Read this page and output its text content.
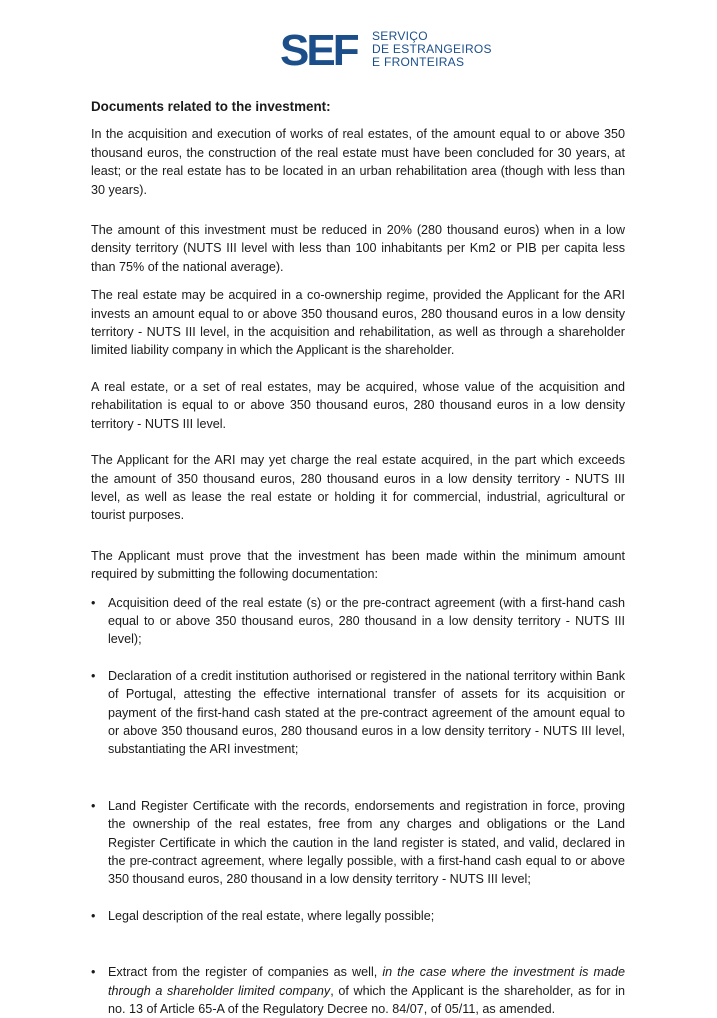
SEF SERVIÇO
DE ESTRANGEIROS
E FRONTEIRAS

Documents related to the investment:

In the acquisition and execution of works of real estates, of the amount equal to or above 350 thousand euros, the construction of the real estate must have been concluded for 30 years, at least; or the real estate has to be located in an urban rehabilitation area (though with less than 30 years).

The amount of this investment must be reduced in 20% (280 thousand euros) when in a low density territory (NUTS III level with less than 100 inhabitants per Km2 or PIB per capita less than 75% of the national average).

The real estate may be acquired in a co-ownership regime, provided the Applicant for the ARI invests an amount equal to or above 350 thousand euros, 280 thousand euros in a low density territory - NUTS III level, in the acquisition and rehabilitation, as well as through a shareholder limited liability company in which the Applicant is the shareholder.

A real estate, or a set of real estates, may be acquired, whose value of the acquisition and rehabilitation is equal to or above 350 thousand euros, 280 thousand euros in a low density territory - NUTS III level.

The Applicant for the ARI may yet charge the real estate acquired, in the part which exceeds the amount of 350 thousand euros, 280 thousand euros in a low density territory - NUTS III level, as well as lease the real estate or holding it for commercial, industrial, agricultural or tourist purposes.

The Applicant must prove that the investment has been made within the minimum amount required by submitting the following documentation:

• Acquisition deed of the real estate (s) or the pre-contract agreement (with a first-hand cash equal to or above 350 thousand euros, 280 thousand in a low density territory - NUTS III level);
• Declaration of a credit institution authorised or registered in the national territory within Bank of Portugal, attesting the effective international transfer of assets for its acquisition or payment of the first-hand cash stated at the pre-contract agreement of the amount equal to or above 350 thousand euros, 280 thousand euros in a low density territory - NUTS III level, substantiating the ARI investment;
• Land Register Certificate with the records, endorsements and registration in force, proving the ownership of the real estates, free from any charges and obligations or the Land Register Certificate in which the caution in the land register is stated, and valid, declared in the pre-contract agreement, where legally possible, with a first-hand cash equal to or above 350 thousand euros, 280 thousand in a low density territory - NUTS III level;
• Legal description of the real estate, where legally possible;
• Extract from the register of companies as well, in the case where the investment is made through a shareholder limited company, of which the Applicant is the shareholder, as for in no. 13 of Article 65-A of the Regulatory Decree no. 84/07, of 05/11, as amended.
